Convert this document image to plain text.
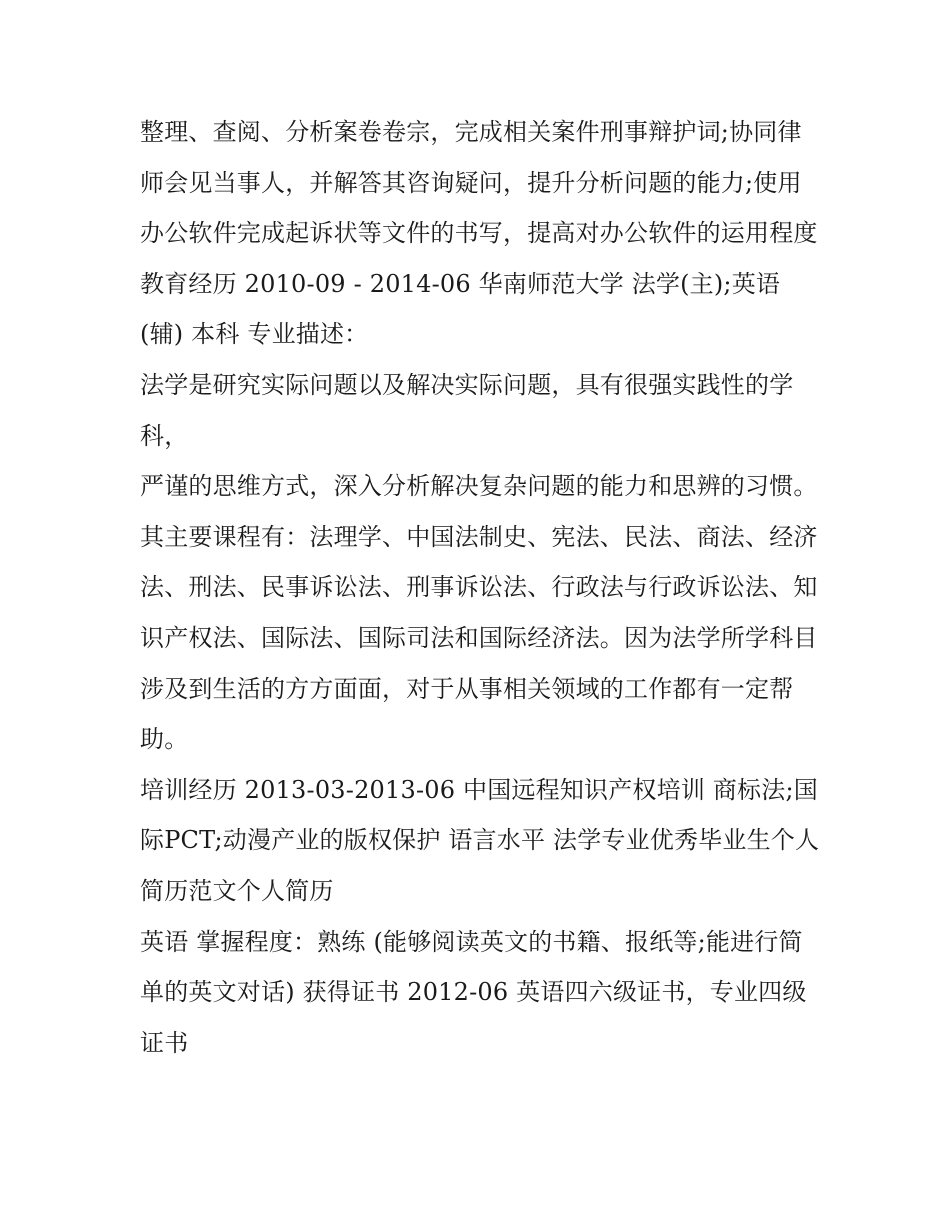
整理、查阅、分析案卷卷宗，完成相关案件刑事辩护词;协同律师会见当事人，并解答其咨询疑问，提升分析问题的能力;使用办公软件完成起诉状等文件的书写，提高对办公软件的运用程度

教育经历 2010-09 - 2014-06 华南师范大学 法学(主);英语(辅) 本科 专业描述：

法学是研究实际问题以及解决实际问题，具有很强实践性的学科，

严谨的思维方式，深入分析解决复杂问题的能力和思辨的习惯。其主要课程有：法理学、中国法制史、宪法、民法、商法、经济法、刑法、民事诉讼法、刑事诉讼法、行政法与行政诉讼法、知识产权法、国际法、国际司法和国际经济法。因为法学所学科目涉及到生活的方方面面，对于从事相关领域的工作都有一定帮助。

培训经历 2013-03-2013-06 中国远程知识产权培训 商标法;国际PCT;动漫产业的版权保护 语言水平 法学专业优秀毕业生个人简历范文个人简历

英语 掌握程度：熟练 (能够阅读英文的书籍、报纸等;能进行简单的英文对话) 获得证书 2012-06 英语四六级证书，专业四级证书
